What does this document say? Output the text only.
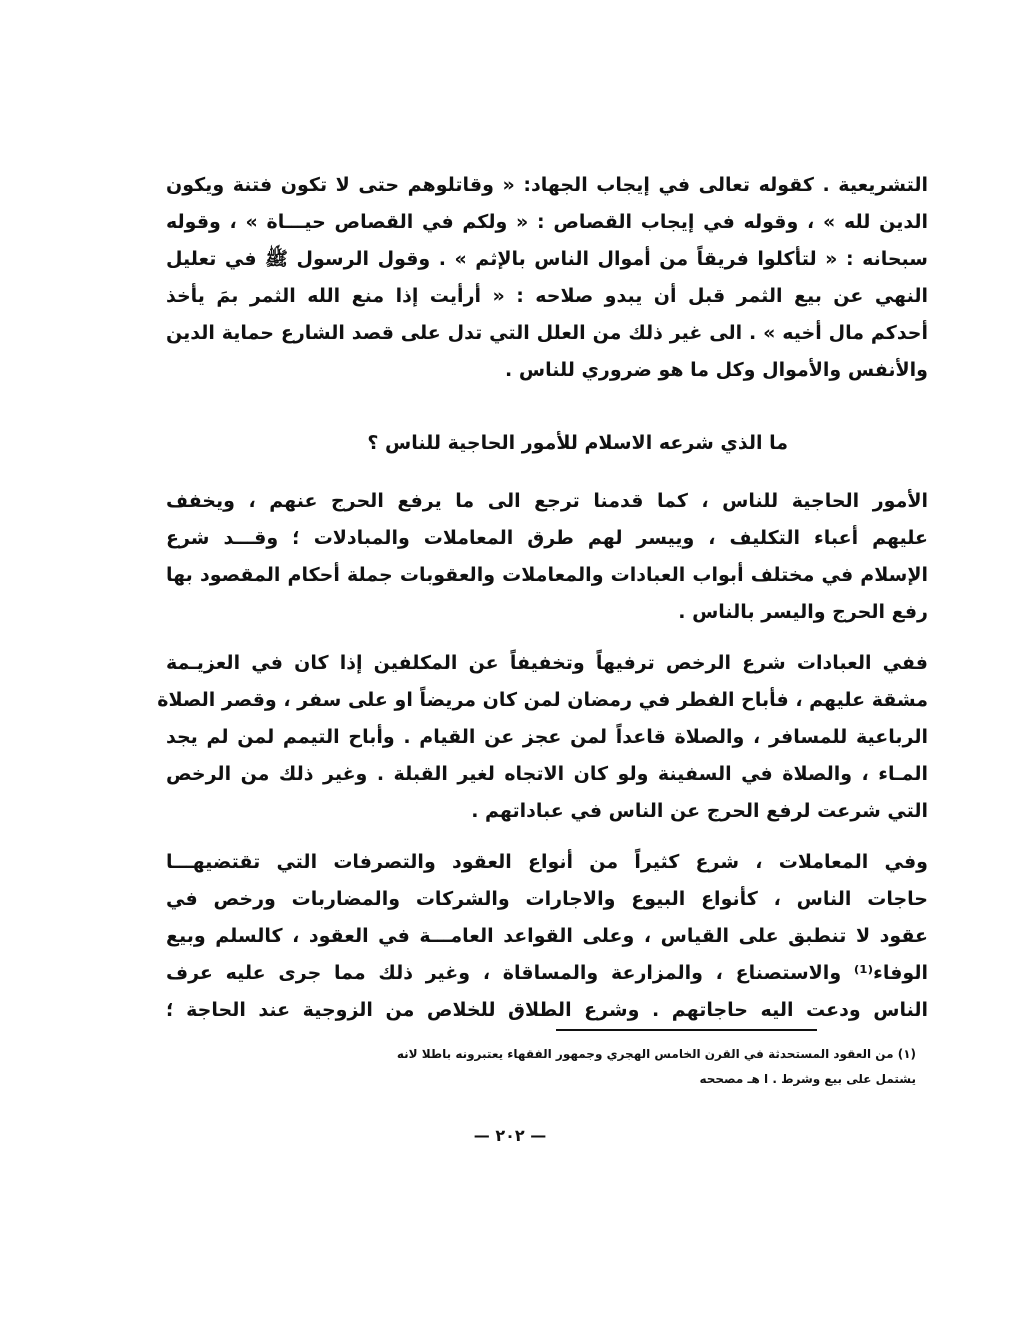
التشريعية . كقوله تعالى في إيجاب الجهاد: « وقاتلوهم حتى لا تكون فتنة ويكون
الدين لله » ، وقوله في إيجاب القصاص : « ولكم في القصاص حيـــاة » ، وقوله
سبحانه : « لتأكلوا فريقاً من أموال الناس بالإثم » . وقول الرسول ﷺ في تعليل
النهي عن بيع الثمر قبل أن يبدو صلاحه : « أرأيت إذا منع الله الثمر بمَ يأخذ
أحدكم مال أخيه » . الى غير ذلك من العلل التي تدل على قصد الشارع حماية الدين
والأنفس والأموال وكل ما هو ضروري للناس .
ما الذي شرعه الاسلام للأمور الحاجية للناس ؟
الأمور الحاجية للناس ، كما قدمنا ترجع الى ما يرفع الحرج عنهم ، ويخفف
عليهم أعباء التكليف ، وييسر لهم طرق المعاملات والمبادلات ؛ وقـــد شرع
الإسلام في مختلف أبواب العبادات والمعاملات والعقوبات جملة أحكام المقصود بها
رفع الحرج واليسر بالناس .
ففي العبادات شرع الرخص ترفيهاً وتخفيفاً عن المكلفين إذا كان في العزيـمة
مشقة عليهم ، فأباح الفطر في رمضان لمن كان مريضاً او على سفر ، وقصر الصلاة
الرباعية للمسافر ، والصلاة قاعداً لمن عجز عن القيام . وأباح التيمم لمن لم يجد
المـاء ، والصلاة في السفينة ولو كان الاتجاه لغير القبلة . وغير ذلك من الرخص
التي شرعت لرفع الحرج عن الناس في عباداتهم .
وفي المعاملات ، شرع كثيراً من أنواع العقود والتصرفات التي تقتضيهـــا
حاجات الناس ، كأنواع البيوع والاجارات والشركات والمضاربات ورخص في
عقود لا تنطبق على القياس ، وعلى القواعد العامـــة في العقود ، كالسلم وبيع
الوفاء⁽¹⁾ والاستصناع ، والمزارعة والمساقاة ، وغير ذلك مما جرى عليه عرف
الناس ودعت اليه حاجاتهم . وشرع الطلاق للخلاص من الزوجية عند الحاجة ؛
(١) من العقود المستحدثة في القرن الخامس الهجري وجمهور الفقهاء يعتبرونه باطلا لانه
يشتمل على بيع وشرط . ا هـ مصححه
— ٢٠٢ —
